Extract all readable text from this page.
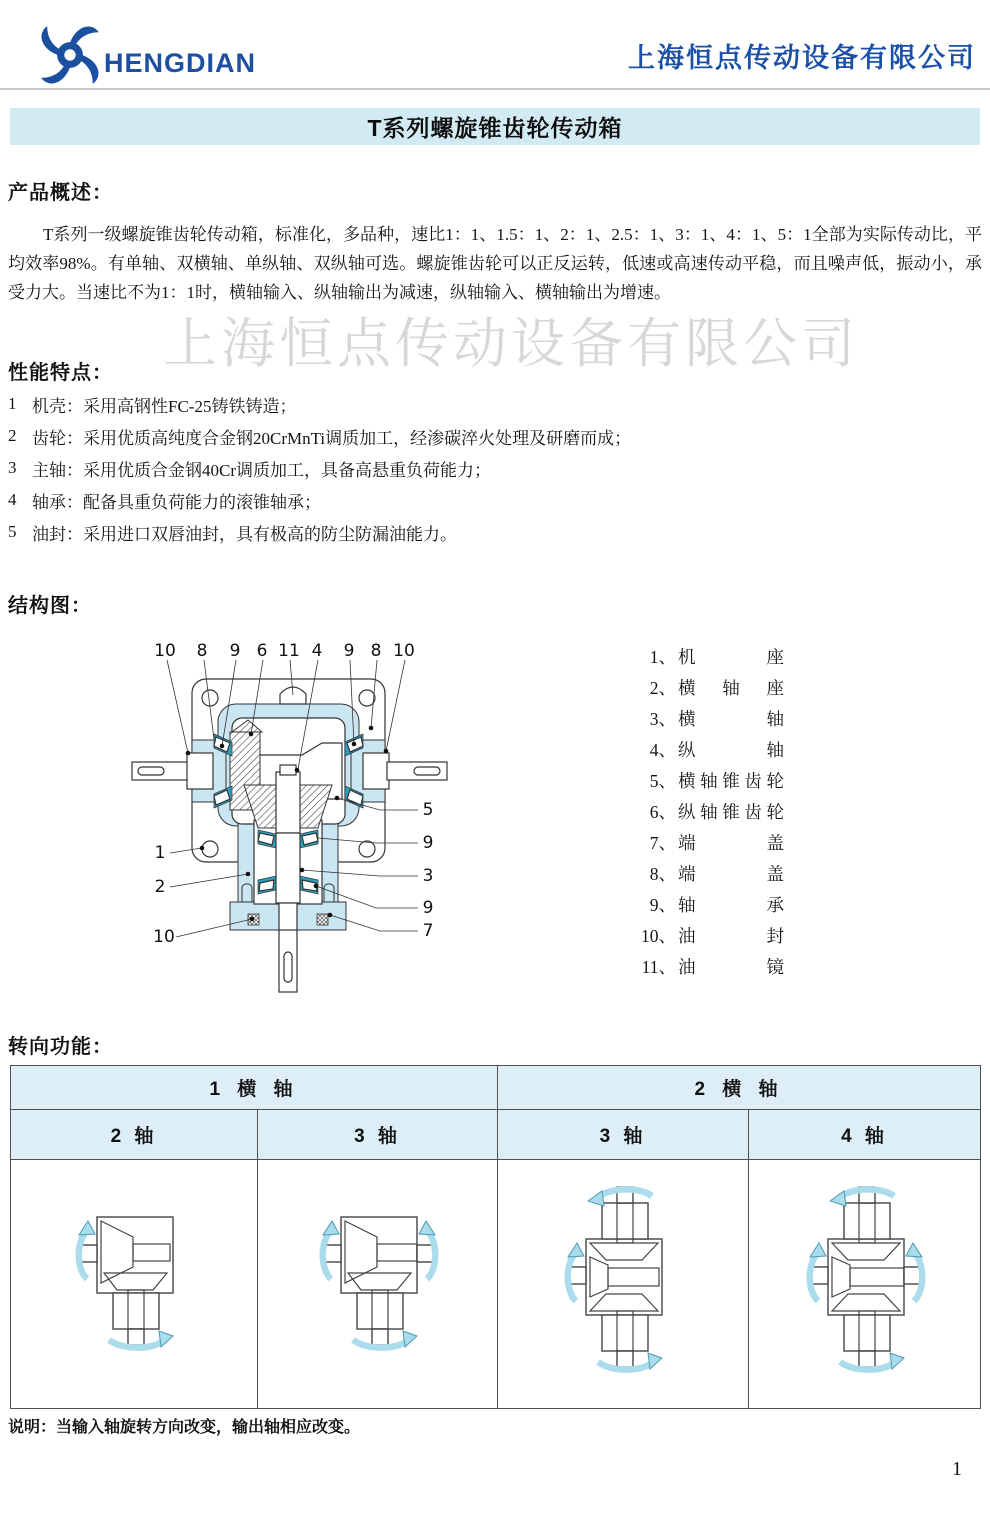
HENGDIAN	上海恒点传动设备有限公司
T系列螺旋锥齿轮传动箱
上海恒点传动设备有限公司
产品概述：
T系列一级螺旋锥齿轮传动箱，标准化，多品种，速比1：1、1.5：1、2：1、2.5：1、3：1、4：1、5：1全部为实际传动比，平均效率98%。有单轴、双横轴、单纵轴、双纵轴可选。螺旋锥齿轮可以正反运转，低速或高速传动平稳，而且噪声低，振动小，承受力大。当速比不为1：1时，横轴输入、纵轴输出为减速，纵轴输入、横轴输出为增速。
性能特点：
1 机壳：采用高钢性FC-25铸铁铸造；
2 齿轮：采用优质高纯度合金钢20CrMnTi调质加工，经渗碳淬火处理及研磨而成；
3 主轴：采用优质合金钢40Cr调质加工，具备高悬重负荷能力；
4 轴承：配备具重负荷能力的滚锥轴承；
5 油封：采用进口双唇油封，具有极高的防尘防漏油能力。
结构图：
10 8 9 6 11 4 9 8 10
1
2
10
5
9
3
9
7
1、 机座
2、 横轴座
3、 横轴
4、 纵轴
5、 横轴锥齿轮
6、 纵轴锥齿轮
7、 端盖
8、 端盖
9、 轴承
10、 油封
11、 油镜
转向功能：
1 横 轴		2 横 轴	
2 轴	3 轴	3 轴	4 轴

说明：当输入轴旋转方向改变，输出轴相应改变。
1
